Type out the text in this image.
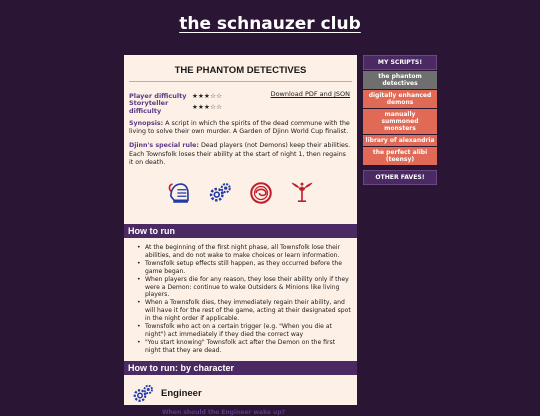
the schnauzer club
THE PHANTOM DETECTIVES
Player difficulty ★★★☆☆
Storyteller difficulty	★★★☆☆
Download PDF and JSON

Synopsis: A script in which the spirits of the dead commune with the living to solve their own murder. A Garden of Djinn World Cup finalist.

Djinn's special rule: Dead players (not Demons) keep their abilities. Each Townsfolk loses their ability at the start of night 1, then regains it on death.

How to run
• At the beginning of the first night phase, all Townsfolk lose their abilities, and do not wake to make choices or learn information.
• Townsfolk setup effects still happen, as they occurred before the game began.
• When players die for any reason, they lose their ability only if they were a Demon: continue to wake Outsiders & Minions like living players.
• When a Townsfolk dies, they immediately regain their ability, and will have it for the rest of the game, acting at their designated spot in the night order if applicable.
• Townsfolk who act on a certain trigger (e.g. "When you die at night") act immediately if they died the correct way
• "You start knowing" Townsfolk act after the Demon on the first night that they are dead.
How to run: by character
Engineer
When should the Engineer wake up?
MY SCRIPTS!
the phantom detectives
digitally enhanced demons
manually summoned monsters
library of alexandria
the perfect alibi (teensy)
OTHER FAVES!
